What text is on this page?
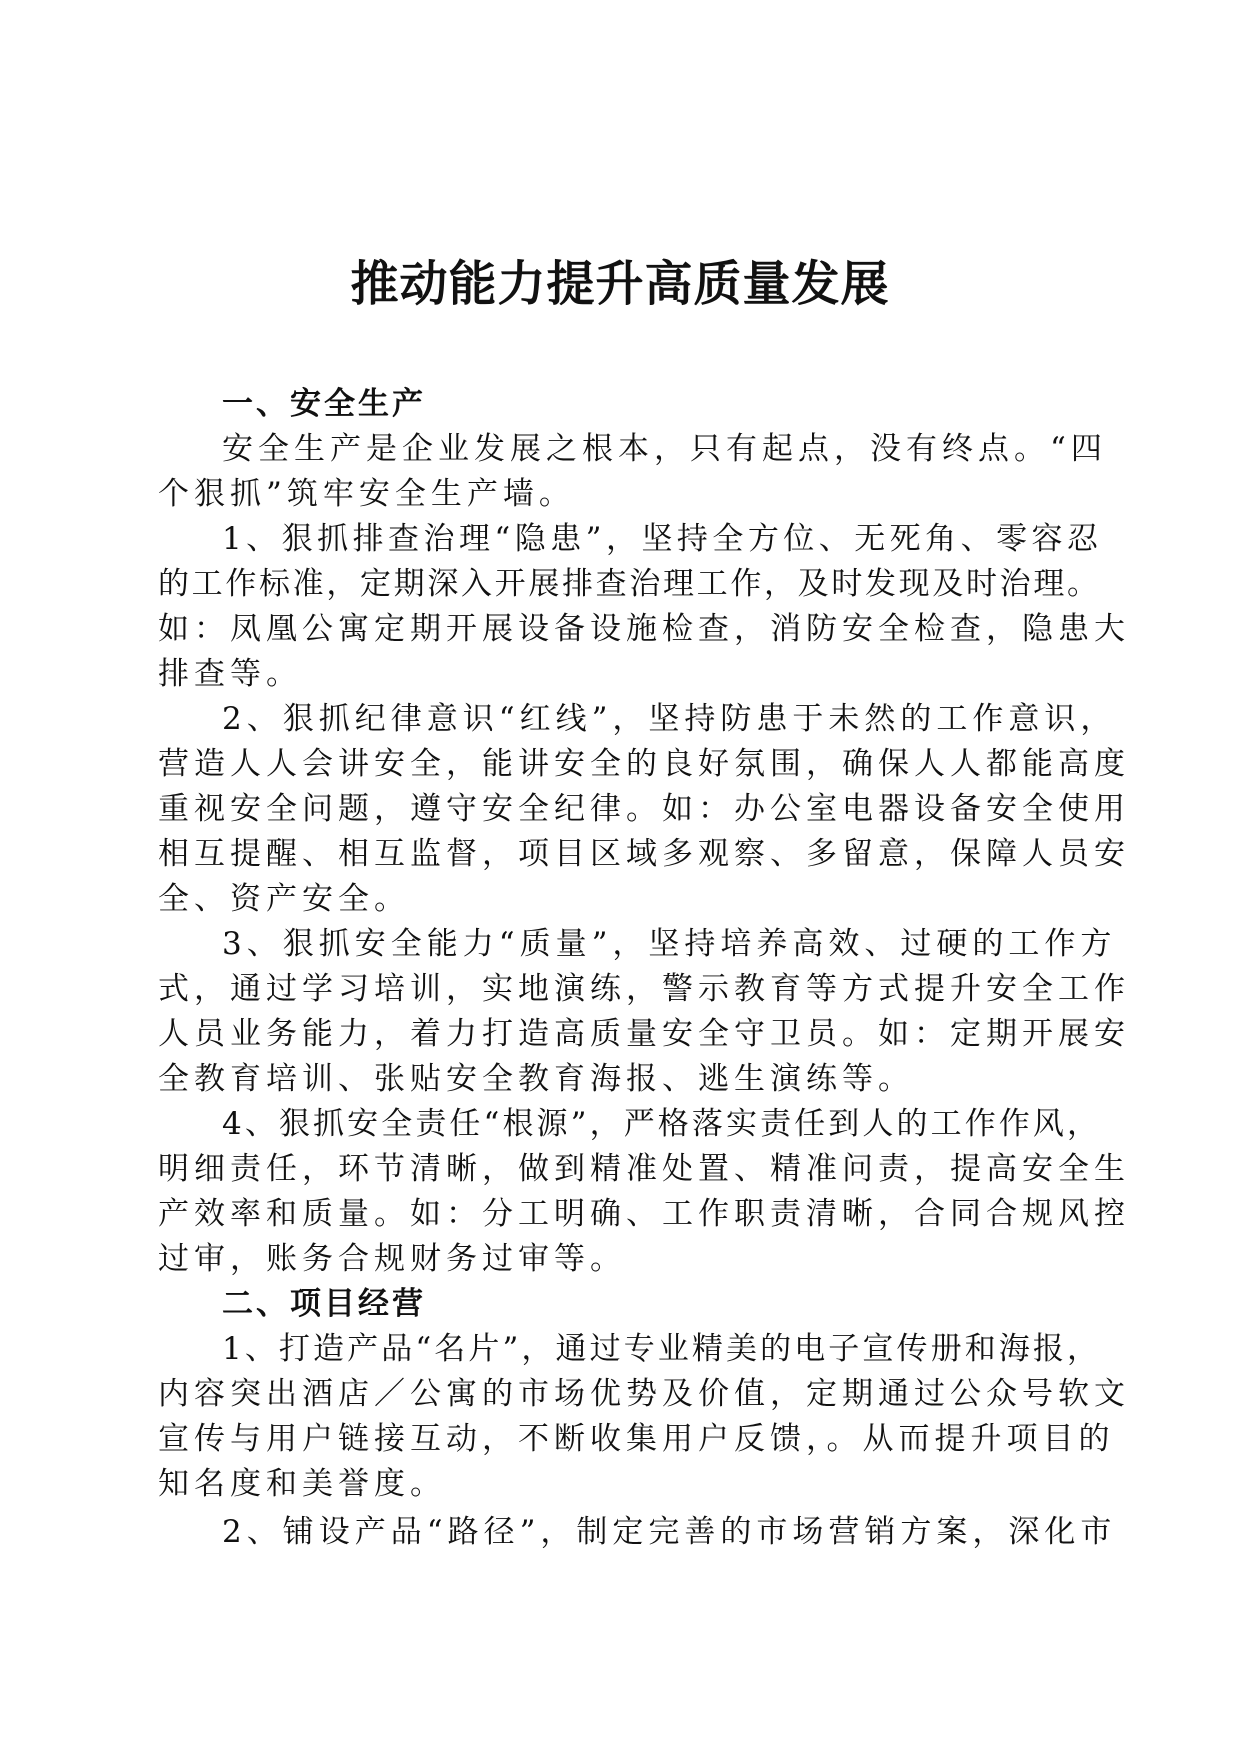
推动能力提升高质量发展
一、安全生产
安全生产是企业发展之根本，只有起点，没有终点。“四
个狠抓”筑牢安全生产墙。
1、狠抓排查治理“隐患”，坚持全方位、无死角、零容忍
的工作标准，定期深入开展排查治理工作，及时发现及时治理。
如：凤凰公寓定期开展设备设施检查，消防安全检查，隐患大
排查等。
2、狠抓纪律意识“红线”，坚持防患于未然的工作意识，
营造人人会讲安全，能讲安全的良好氛围，确保人人都能高度
重视安全问题，遵守安全纪律。如：办公室电器设备安全使用
相互提醒、相互监督，项目区域多观察、多留意，保障人员安
全、资产安全。
3、狠抓安全能力“质量”，坚持培养高效、过硬的工作方
式，通过学习培训，实地演练，警示教育等方式提升安全工作
人员业务能力，着力打造高质量安全守卫员。如：定期开展安
全教育培训、张贴安全教育海报、逃生演练等。
4、狠抓安全责任“根源”，严格落实责任到人的工作作风，
明细责任，环节清晰，做到精准处置、精准问责，提高安全生
产效率和质量。如：分工明确、工作职责清晰，合同合规风控
过审，账务合规财务过审等。
二、项目经营
1、打造产品“名片”，通过专业精美的电子宣传册和海报，
内容突出酒店／公寓的市场优势及价值，定期通过公众号软文
宣传与用户链接互动，不断收集用户反馈，。从而提升项目的
知名度和美誉度。
2、铺设产品“路径”，制定完善的市场营销方案，深化市
